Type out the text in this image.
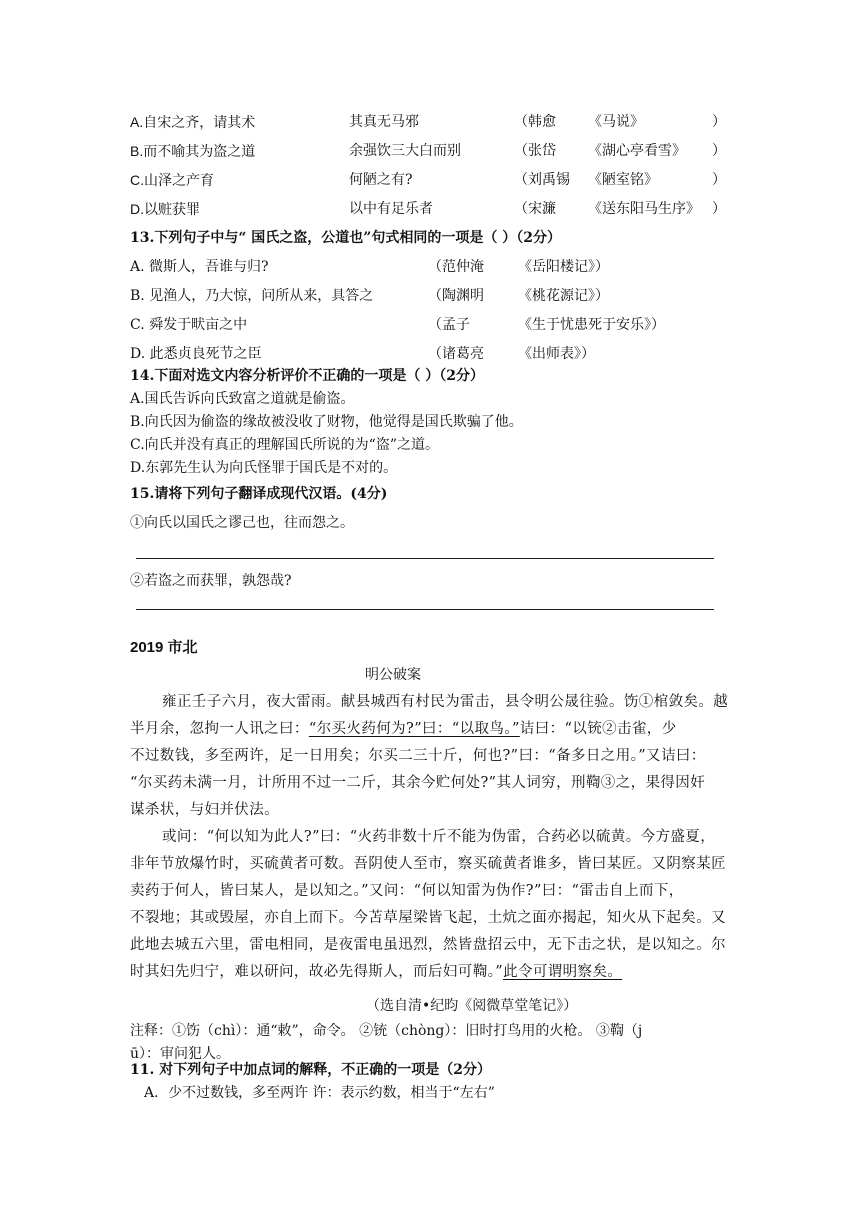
A.自宋之齐，请其术	其真无马邪	（韩愈 《马说》	）
B.而不喻其为盗之道	余强饮三大白而别	（张岱 《湖心亭看雪》 ）
C.山泽之产育	何陋之有?	（刘禹锡 《陋室铭》	）
D.以赃获罪	以中有足乐者	（宋濂 《送东阳马生序》 ）
13.下列句子中与“ 国氏之盗，公道也”句式相同的一项是（ ）（2分）
A. 微斯人，吾谁与归?	（范仲淹 《岳阳楼记》）
B. 见渔人，乃大惊，问所从来，具答之	（陶渊明 《桃花源记》）
C. 舜发于畎亩之中	（孟子	《生于忧患死于安乐》）
D. 此悉贞良死节之臣	（诸葛亮 《出师表》）
14.下面对选文内容分析评价不正确的一项是（ ）（2分）
A.国氏告诉向氏致富之道就是偷盗。
B.向氏因为偷盗的缘故被没收了财物，他觉得是国氏欺骗了他。
C.向氏并没有真正的理解国氏所说的为“盗”之道。
D.东郭先生认为向氏怪罪于国氏是不对的。
15.请将下列句子翻译成现代汉语。(4分)
①向氏以国氏之谬己也，往而怨之。
②若盗之而获罪，孰怨哉?
2019 市北
明公破案
雍正壬子六月，夜大雷雨。献县城西有村民为雷击，县令明公晟往验。饬①棺敛矣。越
半月余，忽拘一人讯之曰：“尔买火药何为?”曰：“以取鸟。”诘曰：“以铳②击雀，少
不过数钱，多至两许，足一日用矣；尔买二三十斤，何也?”曰：“备多日之用。”又诘曰：
“尔买药未满一月，计所用不过一二斤，其余今贮何处?”其人词穷，刑鞫③之，果得因奸
谋杀状，与妇并伏法。
或问：“何以知为此人?”曰：“火药非数十斤不能为伪雷，合药必以硫黄。今方盛夏，
非年节放爆竹时，买硫黄者可数。吾阴使人至市，察买硫黄者谁多，皆曰某匠。又阴察某匠
卖药于何人，皆曰某人，是以知之。”又问：“何以知雷为伪作?”曰：“雷击自上而下，
不裂地；其或毁屋，亦自上而下。今苫草屋梁皆飞起，土炕之面亦揭起，知火从下起矣。又
此地去城五六里，雷电相同，是夜雷电虽迅烈，然皆盘招云中，无下击之状，是以知之。尔
时其妇先归宁，难以研问，故必先得斯人，而后妇可鞫。”此令可谓明察矣。
（选自清•纪昀《阅微草堂笔记》）
注释：①饬（chì）：通“敕”，命令。 ②铳（chòng）：旧时打鸟用的火枪。 ③鞫（j
ū）：审问犯人。
11. 对下列句子中加点词的解释，不正确的一项是（2分）
A．少不过数钱，多至两许 许：表示约数，相当于“左右”
